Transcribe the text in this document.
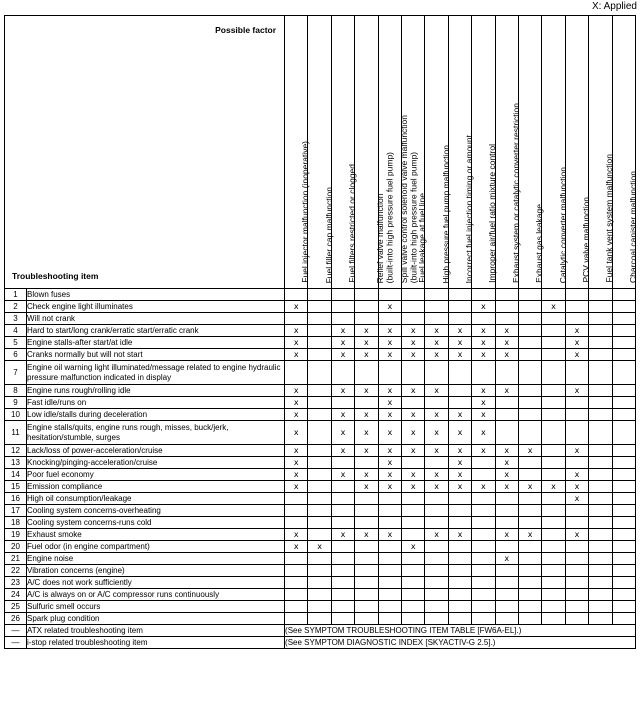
X: Applied
Possible factor
Troubleshooting item		Fuel injector malfunction (inoperative)	Fuel filler cap malfunction	Fuel filters restricted or clogged	Relief valve malfunction
(built-into high pressure fuel pump)	Spill valve control solenoid valve malfunction
(built-into high pressure fuel pump)	Fuel leakage at fuel line	High pressure fuel pump malfunction	Incorrect fuel injection timing or amount	Improper air/fuel ratio mixture control	Exhaust system or catalytic converter restriction	Exhaust gas leakage	Catalytic converter malfunction	PCV valve malfunction	Fuel tank vent system malfunction	Charcoal canister malfunction

1	Blown fuses															
2	Check engine light illuminates	x				x				x			x			
3	Will not crank															
4	Hard to start/long crank/erratic start/erratic crank	x		x	x	x	x	x	x	x	x			x		
5	Engine stalls-after start/at idle	x		x	x	x	x	x	x	x	x			x		
6	Cranks normally but will not start	x		x	x	x	x	x	x	x	x			x		
7	Engine oil warning light illuminated/message related to engine hydraulic pressure malfunction indicated in display															
8	Engine runs rough/rolling idle	x		x	x	x	x	x		x	x			x		
9	Fast idle/runs on	x				x				x						
10	Low idle/stalls during deceleration	x		x	x	x	x	x	x	x						
11	Engine stalls/quits, engine runs rough, misses, buck/jerk, hesitation/stumble, surges	x		x	x	x	x	x	x	x						
12	Lack/loss of power-acceleration/cruise	x		x	x	x	x	x	x	x	x	x		x		
13	Knocking/pinging-acceleration/cruise	x				x			x		x					
14	Poor fuel economy	x		x	x	x	x	x	x		x			x		
15	Emission compliance	x			x	x	x	x	x	x	x	x	x	x		
16	High oil consumption/leakage													x		
17	Cooling system concerns-overheating															
18	Cooling system concerns-runs cold															
19	Exhaust smoke	x		x	x	x		x	x		x	x		x		
20	Fuel odor (in engine compartment)	x	x				x									
21	Engine noise										x					
22	Vibration concerns (engine)															
23	A/C does not work sufficiently															
24	A/C is always on or A/C compressor runs continuously															
25	Sulfuric smell occurs															
26	Spark plug condition															
—	ATX related troubleshooting item	(See SYMPTOM TROUBLESHOOTING ITEM TABLE [FW6A-EL].)														
—	i-stop related troubleshooting item	(See SYMPTOM DIAGNOSTIC INDEX [SKYACTIV-G 2.5].)														
